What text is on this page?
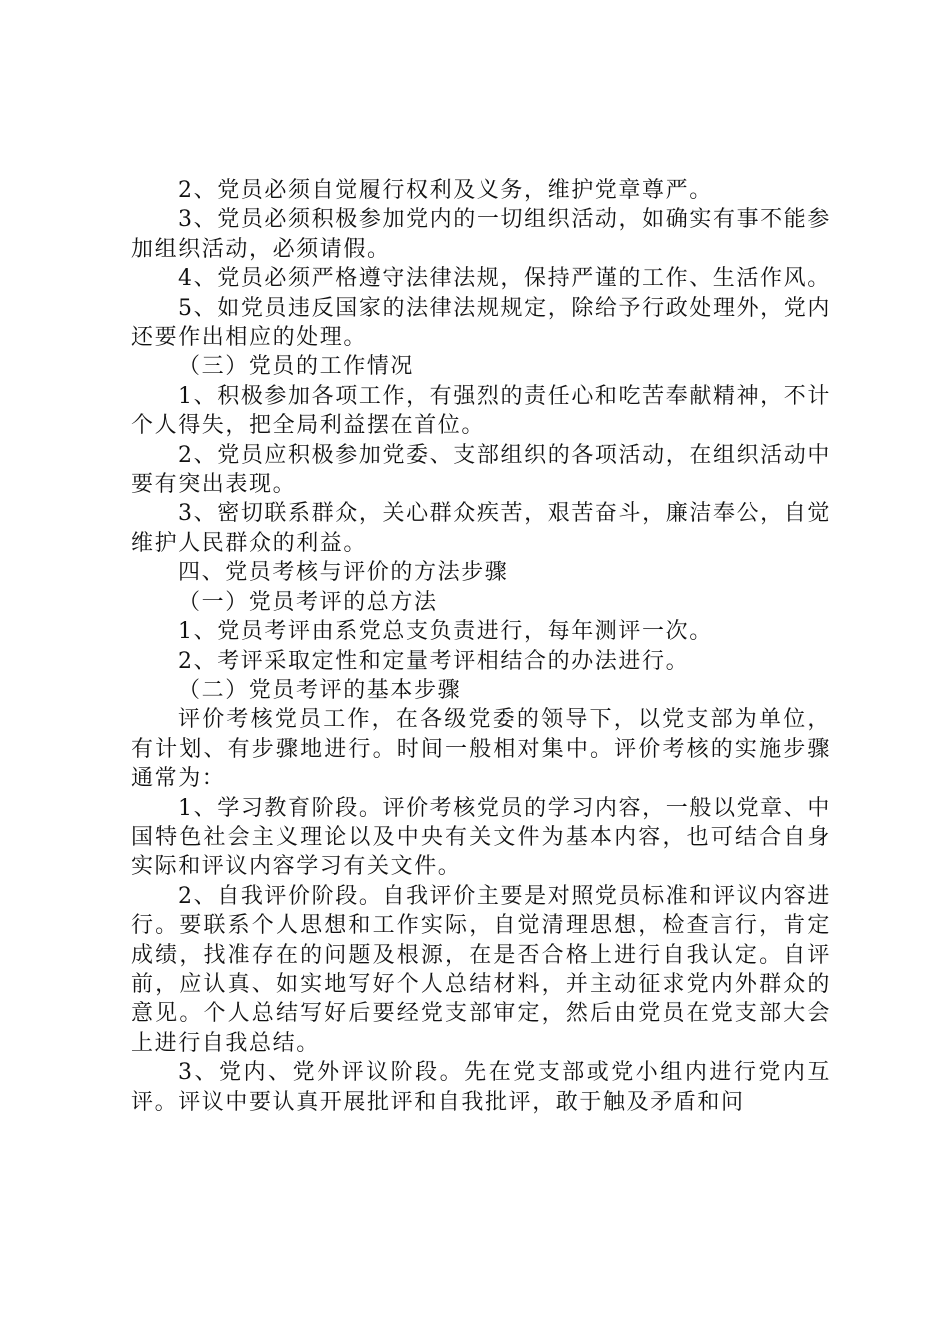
2、党员必须自觉履行权利及义务，维护党章尊严。

3、党员必须积极参加党内的一切组织活动，如确实有事不能参加组织活动，必须请假。

4、党员必须严格遵守法律法规，保持严谨的工作、生活作风。

5、如党员违反国家的法律法规规定，除给予行政处理外，党内还要作出相应的处理。

（三）党员的工作情况

1、积极参加各项工作，有强烈的责任心和吃苦奉献精神，不计个人得失，把全局利益摆在首位。

2、党员应积极参加党委、支部组织的各项活动，在组织活动中要有突出表现。

3、密切联系群众，关心群众疾苦，艰苦奋斗，廉洁奉公，自觉维护人民群众的利益。

四、党员考核与评价的方法步骤

（一）党员考评的总方法

1、党员考评由系党总支负责进行，每年测评一次。

2、考评采取定性和定量考评相结合的办法进行。

（二）党员考评的基本步骤

评价考核党员工作，在各级党委的领导下，以党支部为单位，有计划、有步骤地进行。时间一般相对集中。评价考核的实施步骤通常为：

1、学习教育阶段。评价考核党员的学习内容，一般以党章、中国特色社会主义理论以及中央有关文件为基本内容，也可结合自身实际和评议内容学习有关文件。

2、自我评价阶段。自我评价主要是对照党员标准和评议内容进行。要联系个人思想和工作实际，自觉清理思想，检查言行，肯定成绩，找准存在的问题及根源，在是否合格上进行自我认定。自评前，应认真、如实地写好个人总结材料，并主动征求党内外群众的意见。个人总结写好后要经党支部审定，然后由党员在党支部大会上进行自我总结。

3、党内、党外评议阶段。先在党支部或党小组内进行党内互评。评议中要认真开展批评和自我批评，敢于触及矛盾和问
